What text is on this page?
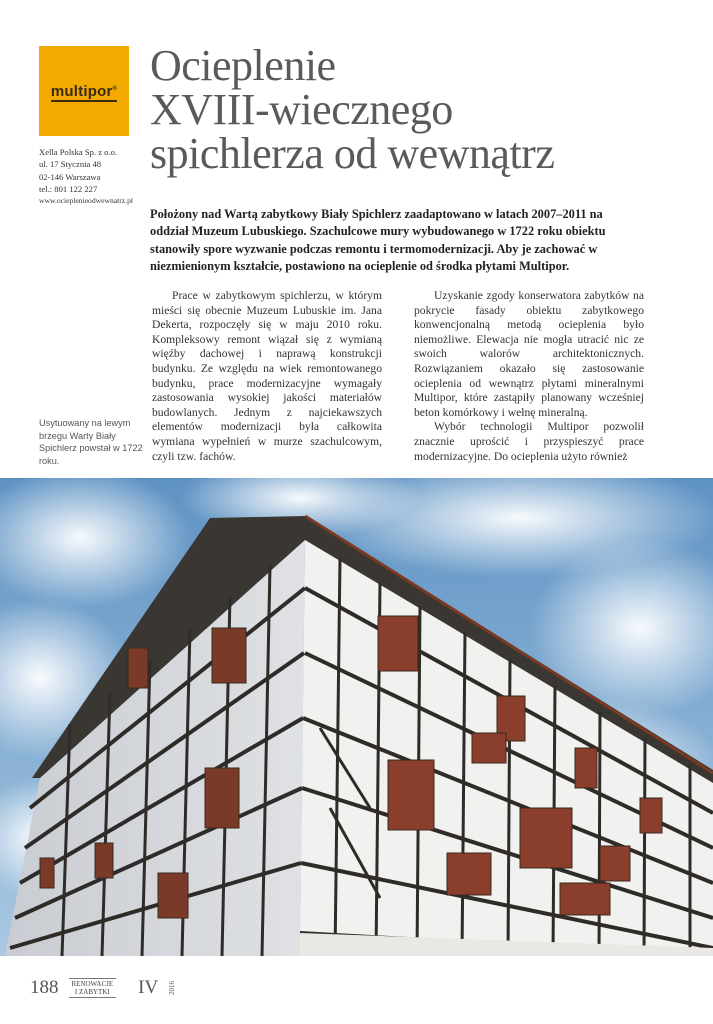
multipor®
Xella Polska Sp. z o.o.
ul. 17 Stycznia 48
02-146 Warszawa
tel.: 801 122 227
www.ocieplenieodwewnatrz.pl
Ocieplenie
XVIII-wiecznego
spichlerza od wewnątrz

Położony nad Wartą zabytkowy Biały Spichlerz zaadaptowano w latach 2007–2011 na oddział Muzeum Lubuskiego. Szachulcowe mury wybudowanego w 1722 roku obiektu stanowiły spore wyzwanie podczas remontu i termomodernizacji. Aby je zachować w niezmienionym kształcie, postawiono na ocieplenie od środka płytami Multipor.

Usytuowany na lewym brzegu Warty Biały Spichlerz powstał w 1722 roku.

Prace w zabytkowym spichlerzu, w którym mieści się obecnie Muzeum Lubuskie im. Jana Dekerta, rozpoczęły się w maju 2010 roku. Kompleksowy remont wiązał się z wymianą więźby dachowej i naprawą konstrukcji budynku. Ze względu na wiek remontowanego budynku, prace modernizacyjne wymagały zastosowania wysokiej jakości materiałów budowlanych. Jednym z najciekawszych elementów modernizacji była całkowita wymiana wypełnień w murze szachulcowym, czyli tzw. fachów.

Uzyskanie zgody konserwatora zabytków na pokrycie fasady obiektu zabytkowego konwencjonalną metodą ocieplenia było niemożliwe. Elewacja nie mogła utracić nic ze swoich walorów architektonicznych. Rozwiązaniem okazało się zastosowanie ocieplenia od wewnątrz płytami mineralnymi Multipor, które zastąpiły planowany wcześniej beton komórkowy i wełnę mineralną.

Wybór technologii Multipor pozwolił znacznie uprościć i przyspieszyć prace modernizacyjne. Do ocieplenia użyto również

188 RENOWACJE
I ZABYTKI IV 2016
